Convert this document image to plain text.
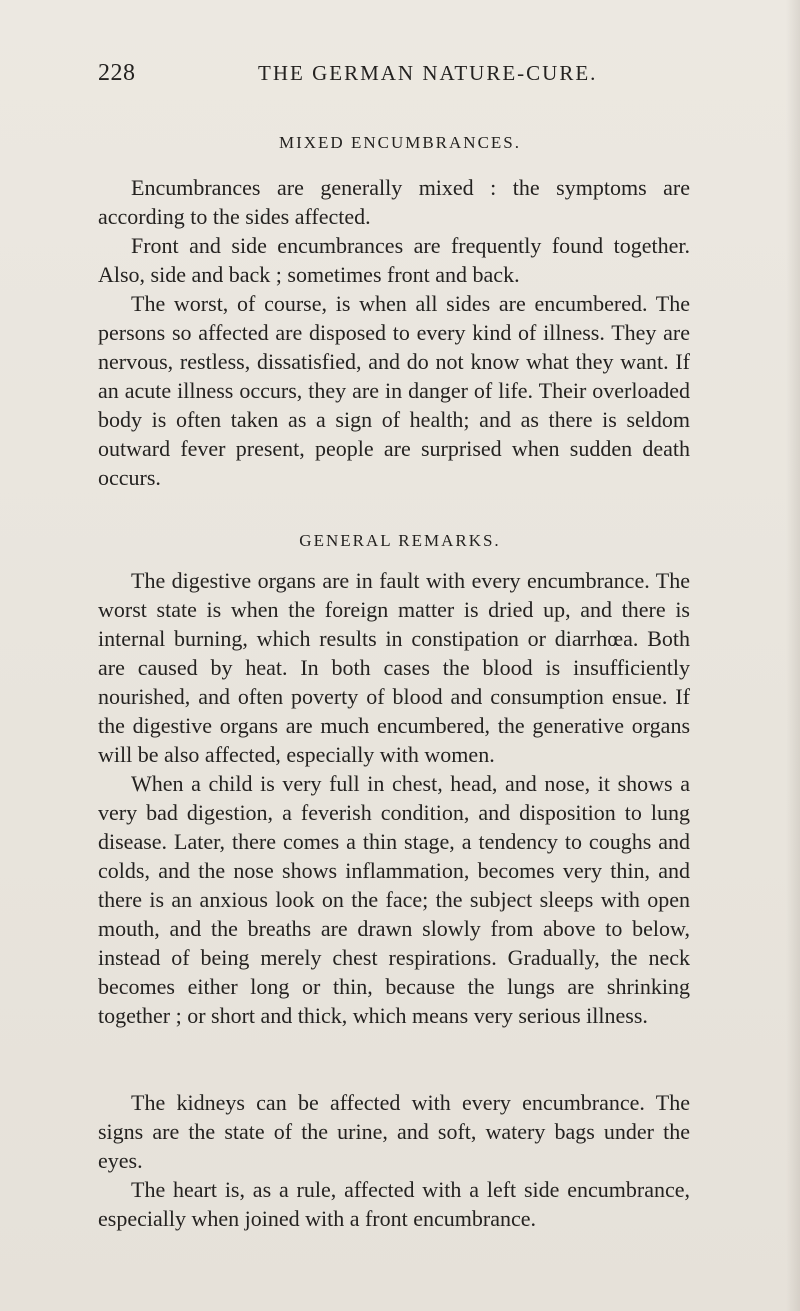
228	THE GERMAN NATURE-CURE.
MIXED ENCUMBRANCES.

Encumbrances are generally mixed : the symptoms are according to the sides affected.

Front and side encumbrances are frequently found together. Also, side and back ; sometimes front and back.

The worst, of course, is when all sides are encumbered. The persons so affected are disposed to every kind of illness. They are nervous, restless, dissatisfied, and do not know what they want. If an acute illness occurs, they are in danger of life. Their overloaded body is often taken as a sign of health; and as there is seldom outward fever present, people are surprised when sudden death occurs.

GENERAL REMARKS.

The digestive organs are in fault with every encumbrance. The worst state is when the foreign matter is dried up, and there is internal burning, which results in constipation or diarrhœa. Both are caused by heat. In both cases the blood is insufficiently nourished, and often poverty of blood and consumption ensue. If the digestive organs are much encumbered, the generative organs will be also affected, especially with women.

When a child is very full in chest, head, and nose, it shows a very bad digestion, a feverish condition, and disposition to lung disease. Later, there comes a thin stage, a tendency to coughs and colds, and the nose shows inflammation, becomes very thin, and there is an anxious look on the face; the subject sleeps with open mouth, and the breaths are drawn slowly from above to below, instead of being merely chest respirations. Gradually, the neck becomes either long or thin, because the lungs are shrinking together ; or short and thick, which means very serious illness.

The kidneys can be affected with every encumbrance. The signs are the state of the urine, and soft, watery bags under the eyes.

The heart is, as a rule, affected with a left side encumbrance, especially when joined with a front encumbrance.
